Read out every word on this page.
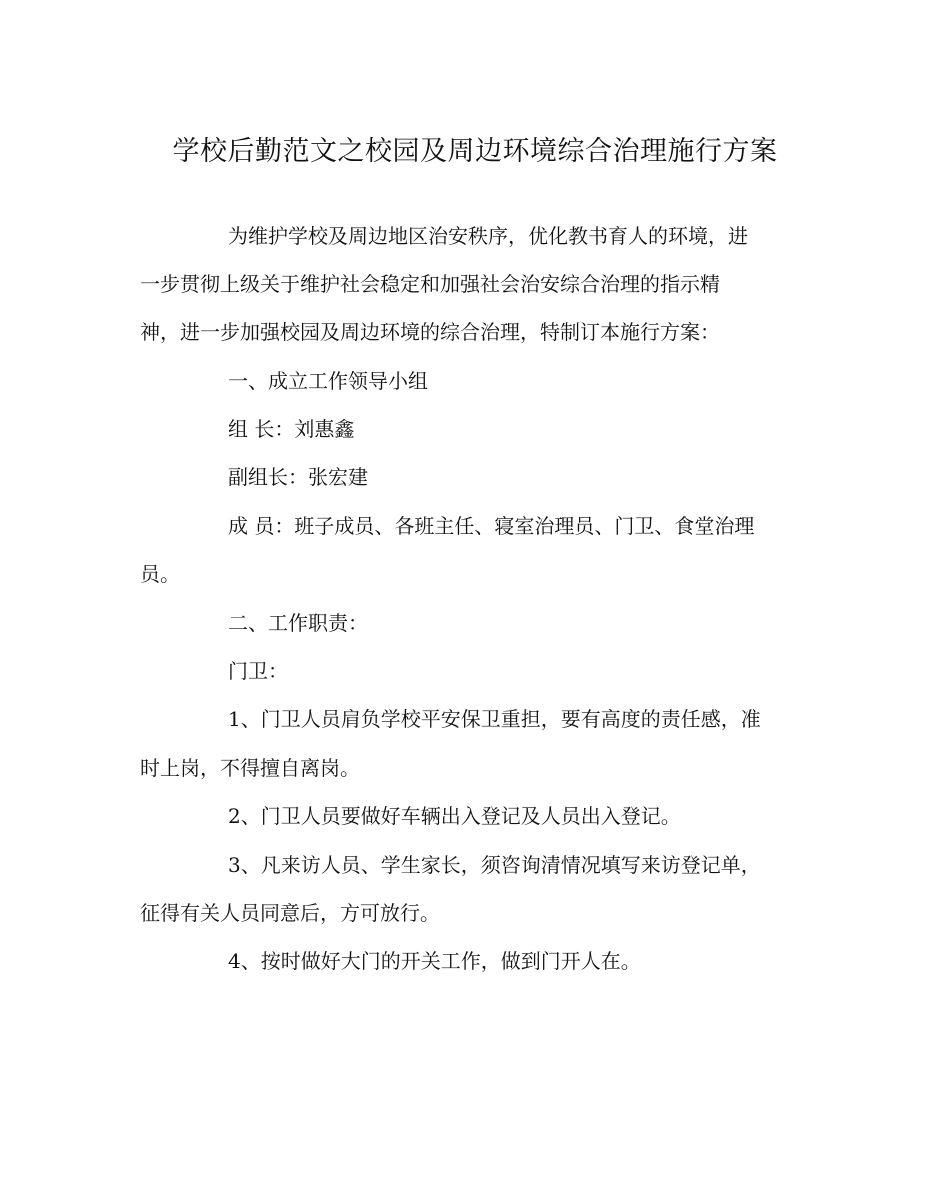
学校后勤范文之校园及周边环境综合治理施行方案
为维护学校及周边地区治安秩序，优化教书育人的环境，进
一步贯彻上级关于维护社会稳定和加强社会治安综合治理的指示精
神，进一步加强校园及周边环境的综合治理，特制订本施行方案：
一、成立工作领导小组
组 长：刘惠鑫
副组长：张宏建
成 员：班子成员、各班主任、寝室治理员、门卫、食堂治理
员。
二、工作职责：
门卫：
1、门卫人员肩负学校平安保卫重担，要有高度的责任感，准
时上岗，不得擅自离岗。
2、门卫人员要做好车辆出入登记及人员出入登记。
3、凡来访人员、学生家长，须咨询清情况填写来访登记单，
征得有关人员同意后，方可放行。
4、按时做好大门的开关工作，做到门开人在。
